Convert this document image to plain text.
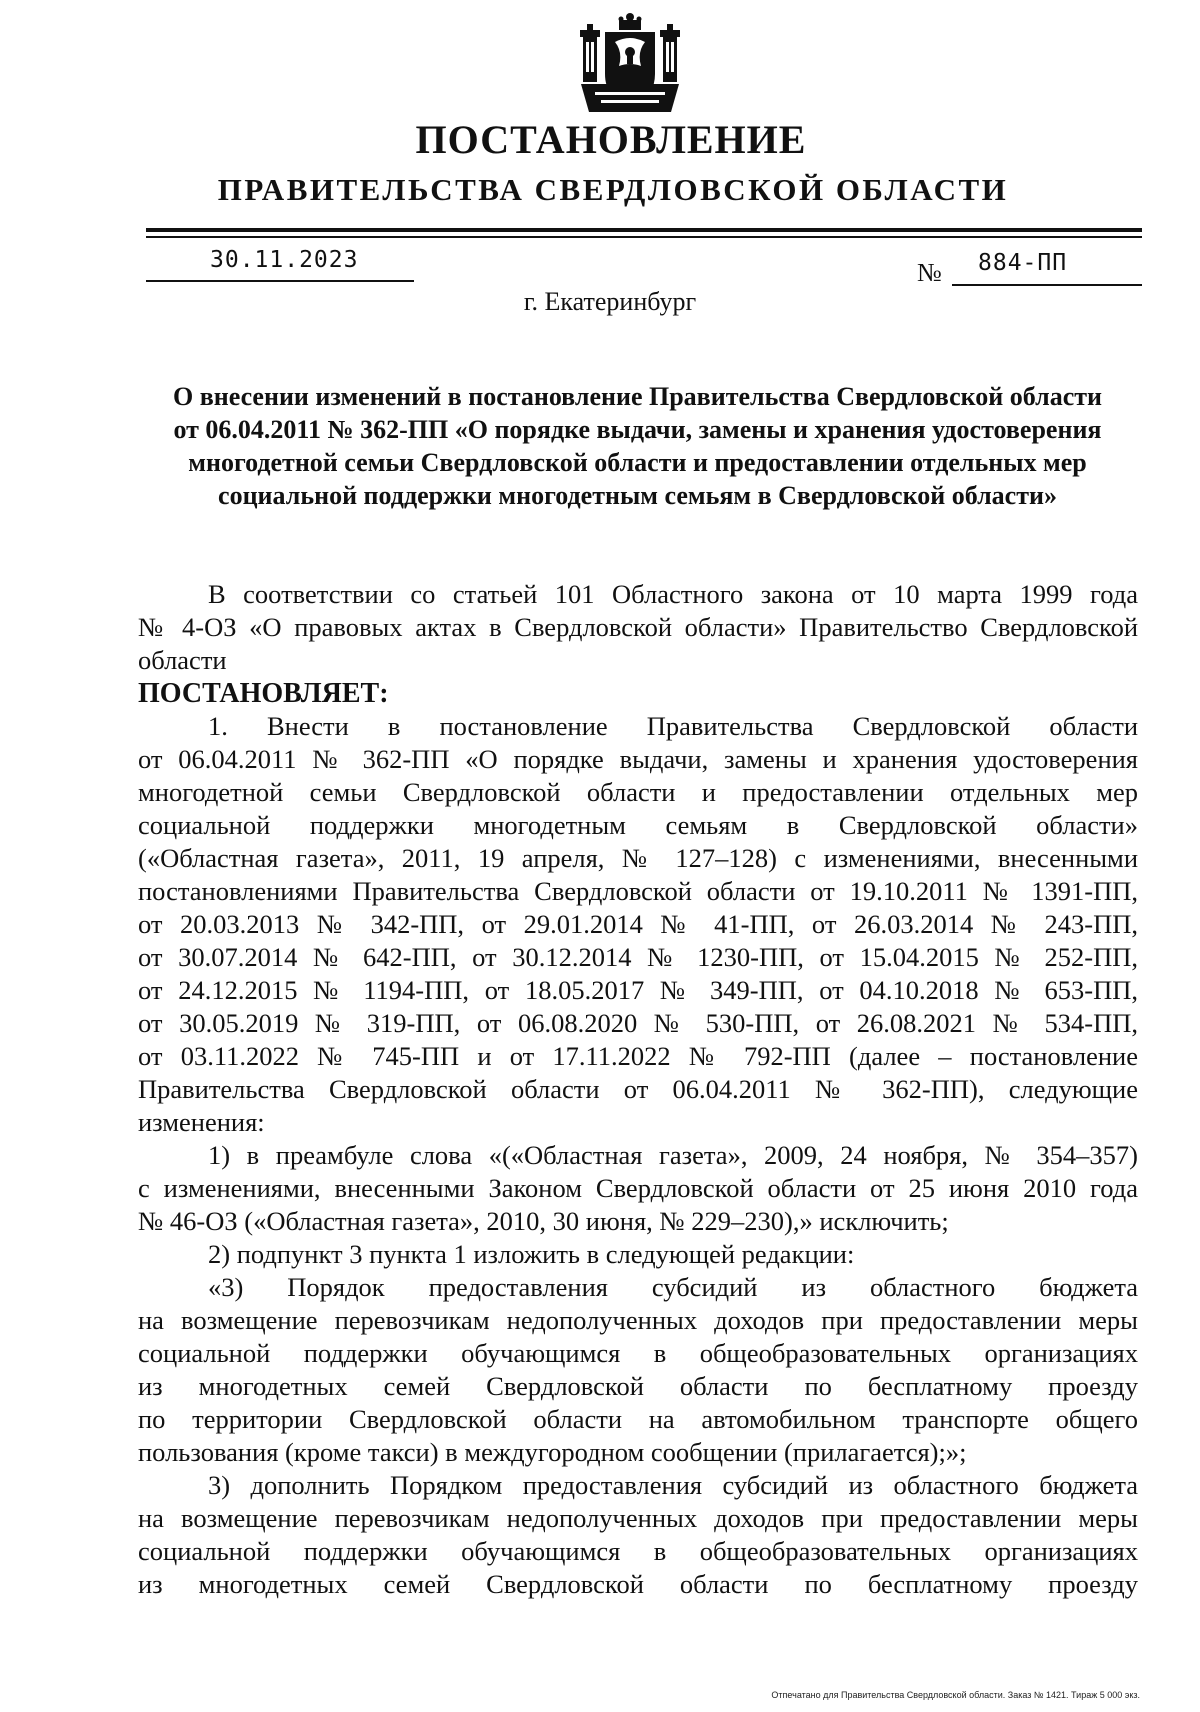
ПОСТАНОВЛЕНИЕ
ПРАВИТЕЛЬСТВА СВЕРДЛОВСКОЙ ОБЛАСТИ
30.11.2023	№ 884-ПП
г. Екатеринбург
О внесении изменений в постановление Правительства Свердловской области
от 06.04.2011 № 362-ПП «О порядке выдачи, замены и хранения удостоверения
многодетной семьи Свердловской области и предоставлении отдельных мер
социальной поддержки многодетным семьям в Свердловской области»
В соответствии со статьей 101 Областного закона от 10 марта 1999 года
№ 4-ОЗ «О правовых актах в Свердловской области» Правительство Свердловской
области
ПОСТАНОВЛЯЕТ:
1. Внести в постановление Правительства Свердловской области
от 06.04.2011 № 362-ПП «О порядке выдачи, замены и хранения удостоверения
многодетной семьи Свердловской области и предоставлении отдельных мер
социальной поддержки многодетным семьям в Свердловской области»
(«Областная газета», 2011, 19 апреля, № 127–128) с изменениями, внесенными
постановлениями Правительства Свердловской области от 19.10.2011 № 1391-ПП,
от 20.03.2013 № 342-ПП, от 29.01.2014 № 41-ПП, от 26.03.2014 № 243-ПП,
от 30.07.2014 № 642-ПП, от 30.12.2014 № 1230-ПП, от 15.04.2015 № 252-ПП,
от 24.12.2015 № 1194-ПП, от 18.05.2017 № 349-ПП, от 04.10.2018 № 653-ПП,
от 30.05.2019 № 319-ПП, от 06.08.2020 № 530-ПП, от 26.08.2021 № 534-ПП,
от 03.11.2022 № 745-ПП и от 17.11.2022 № 792-ПП (далее – постановление
Правительства Свердловской области от 06.04.2011 № 362-ПП), следующие
изменения:
1) в преамбуле слова «(«Областная газета», 2009, 24 ноября, № 354–357)
с изменениями, внесенными Законом Свердловской области от 25 июня 2010 года
№ 46-ОЗ («Областная газета», 2010, 30 июня, № 229–230),» исключить;
2) подпункт 3 пункта 1 изложить в следующей редакции:
«3) Порядок предоставления субсидий из областного бюджета
на возмещение перевозчикам недополученных доходов при предоставлении меры
социальной поддержки обучающимся в общеобразовательных организациях
из многодетных семей Свердловской области по бесплатному проезду
по территории Свердловской области на автомобильном транспорте общего
пользования (кроме такси) в междугородном сообщении (прилагается);»;
3) дополнить Порядком предоставления субсидий из областного бюджета
на возмещение перевозчикам недополученных доходов при предоставлении меры
социальной поддержки обучающимся в общеобразовательных организациях
из многодетных семей Свердловской области по бесплатному проезду
Отпечатано для Правительства Свердловской области. Заказ № 1421. Тираж 5 000 экз.
